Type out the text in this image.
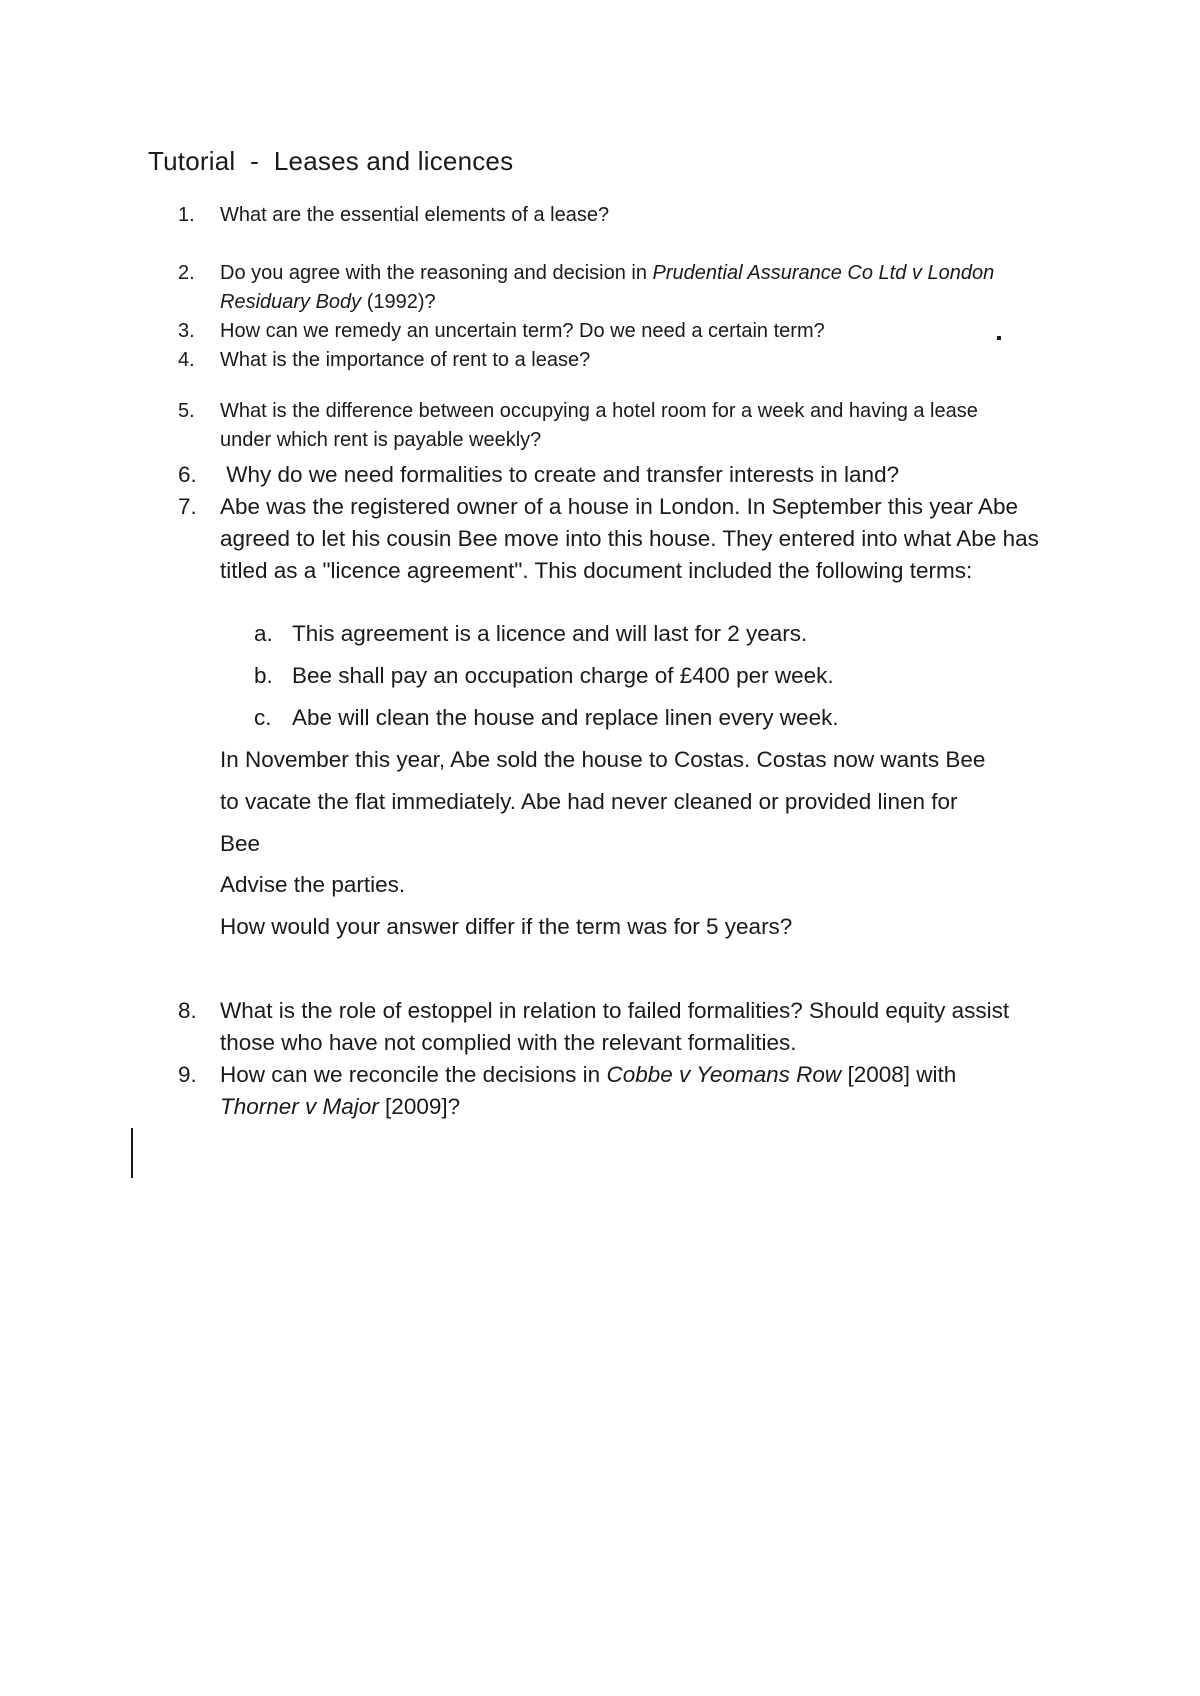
Tutorial  -  Leases and licences
1.	What are the essential elements of a lease?
2.	Do you agree with the reasoning and decision in Prudential Assurance Co Ltd v London Residuary Body (1992)?
3.	How can we remedy an uncertain term? Do we need a certain term?
4.	What is the importance of rent to a lease?
5.	What is the difference between occupying a hotel room for a week and having a lease under which rent is payable weekly?
6.	Why do we need formalities to create and transfer interests in land?
7.	Abe was the registered owner of a house in London. In September this year Abe agreed to let his cousin Bee move into this house. They entered into what Abe has titled as a "licence agreement". This document included the following terms:
a. This agreement is a licence and will last for 2 years.
b. Bee shall pay an occupation charge of £400 per week.
c. Abe will clean the house and replace linen every week.
In November this year, Abe sold the house to Costas. Costas now wants Bee
to vacate the flat immediately. Abe had never cleaned or provided linen for
Bee
Advise the parties.
How would your answer differ if the term was for 5 years?
8.	What is the role of estoppel in relation to failed formalities? Should equity assist those who have not complied with the relevant formalities.
9.	How can we reconcile the decisions in Cobbe v Yeomans Row [2008] with Thorner v Major [2009]?
